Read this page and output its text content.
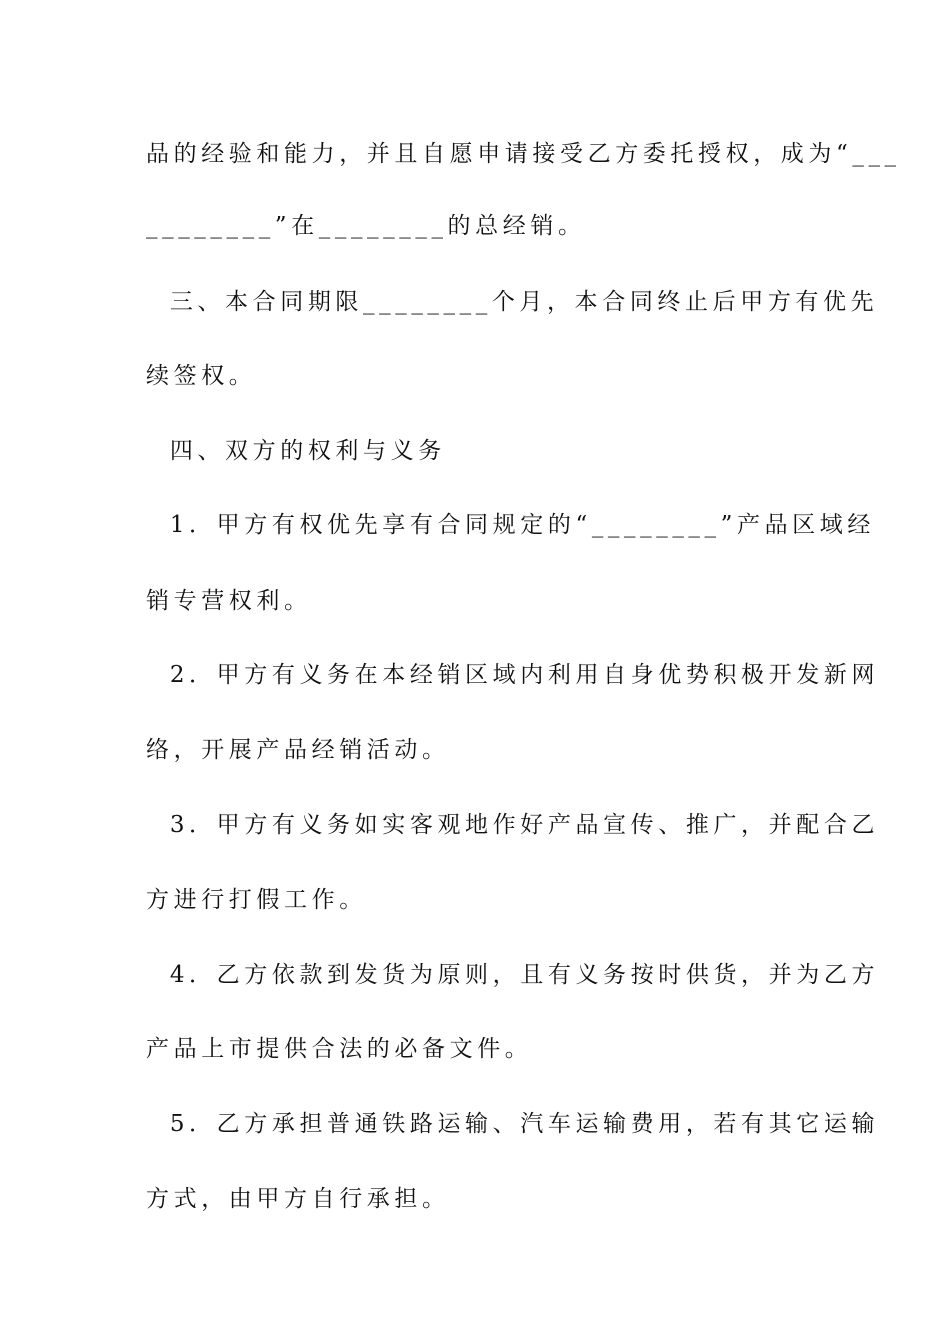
品的经验和能力，并且自愿申请接受乙方委托授权，成为“___
________”在________的总经销。
三、本合同期限________个月，本合同终止后甲方有优先
续签权。
四、双方的权利与义务
1．甲方有权优先享有合同规定的“________”产品区域经
销专营权利。
2．甲方有义务在本经销区域内利用自身优势积极开发新网
络，开展产品经销活动。
3．甲方有义务如实客观地作好产品宣传、推广，并配合乙
方进行打假工作。
4．乙方依款到发货为原则，且有义务按时供货，并为乙方
产品上市提供合法的必备文件。
5．乙方承担普通铁路运输、汽车运输费用，若有其它运输
方式，由甲方自行承担。
